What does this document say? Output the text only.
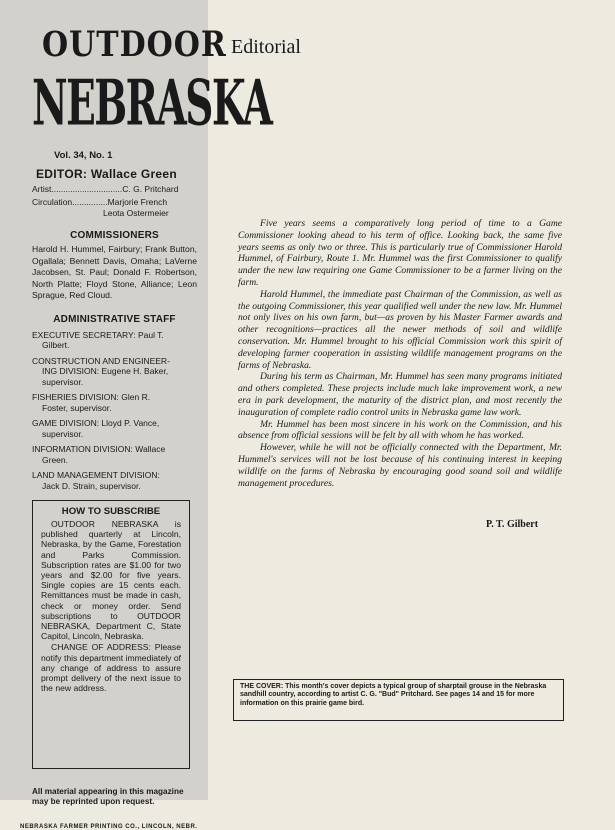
OUTDOOR
NEBRASKA
Vol. 34, No. 1
EDITOR: Wallace Green
Artist .............................. C. G. Pritchard
Circulation ............... Marjorie French
Leota Ostermeier
COMMISSIONERS
Harold H. Hummel, Fairbury; Frank Button, Ogallala; Bennett Davis, Omaha; LaVerne Jacobsen, St. Paul; Donald F. Robertson, North Platte; Floyd Stone, Alliance; Leon Sprague, Red Cloud.
ADMINISTRATIVE STAFF
EXECUTIVE SECRETARY: Paul T.
Gilbert.
CONSTRUCTION AND ENGINEER-
ING DIVISION: Eugene H. Baker, supervisor.
FISHERIES DIVISION: Glen R.
Foster, supervisor.
GAME DIVISION: Lloyd P. Vance,
supervisor.
INFORMATION DIVISION: Wallace
Green.
LAND MANAGEMENT DIVISION:
Jack D. Strain, supervisor.
HOW TO SUBSCRIBE

OUTDOOR NEBRASKA is published quarterly at Lincoln, Nebraska, by the Game, Forestation and Parks Commission. Subscription rates are $1.00 for two years and $2.00 for five years. Single copies are 15 cents each. Remittances must be made in cash, check or money order. Send subscriptions to OUTDOOR NEBRASKA, Department C, State Capitol, Lincoln, Nebraska.

CHANGE OF ADDRESS: Please notify this department immediately of any change of address to assure prompt delivery of the next issue to the new address.

All material appearing in this magazine may be reprinted upon request.
NEBRASKA FARMER PRINTING CO., LINCOLN, NEBR.
Editorial

Five years seems a comparatively long period of time to a Game Commissioner looking ahead to his term of office. Looking back, the same five years seems as only two or three. This is particularly true of Commissioner Harold Hummel, of Fairbury, Route 1. Mr. Hummel was the first Commissioner to qualify under the new law requiring one Game Commissioner to be a farmer living on the farm.

Harold Hummel, the immediate past Chairman of the Commission, as well as the outgoing Commissioner, this year qualified well under the new law. Mr. Hummel not only lives on his own farm, but—as proven by his Master Farmer awards and other recognitions—practices all the newer methods of soil and wildlife conservation. Mr. Hummel brought to his official Commission work this spirit of developing farmer cooperation in assisting wildlife management programs on the farms of Nebraska.

During his term as Chairman, Mr. Hummel has seen many programs initiated and others completed. These projects include much lake improvement work, a new era in park development, the maturity of the district plan, and most recently the inauguration of complete radio control units in Nebraska game law work.

Mr. Hummel has been most sincere in his work on the Commission, and his absence from official sessions will be felt by all with whom he has worked.

However, while he will not be officially connected with the Department, Mr. Hummel's services will not be lost because of his continuing interest in keeping wildlife on the farms of Nebraska by encouraging good sound soil and wildlife management procedures.

P. T. Gilbert
THE COVER: This month's cover depicts a typical group of sharptail grouse in the Nebraska sandhill country, according to artist C. G. "Bud" Pritchard. See pages 14 and 15 for more information on this prairie game bird.
